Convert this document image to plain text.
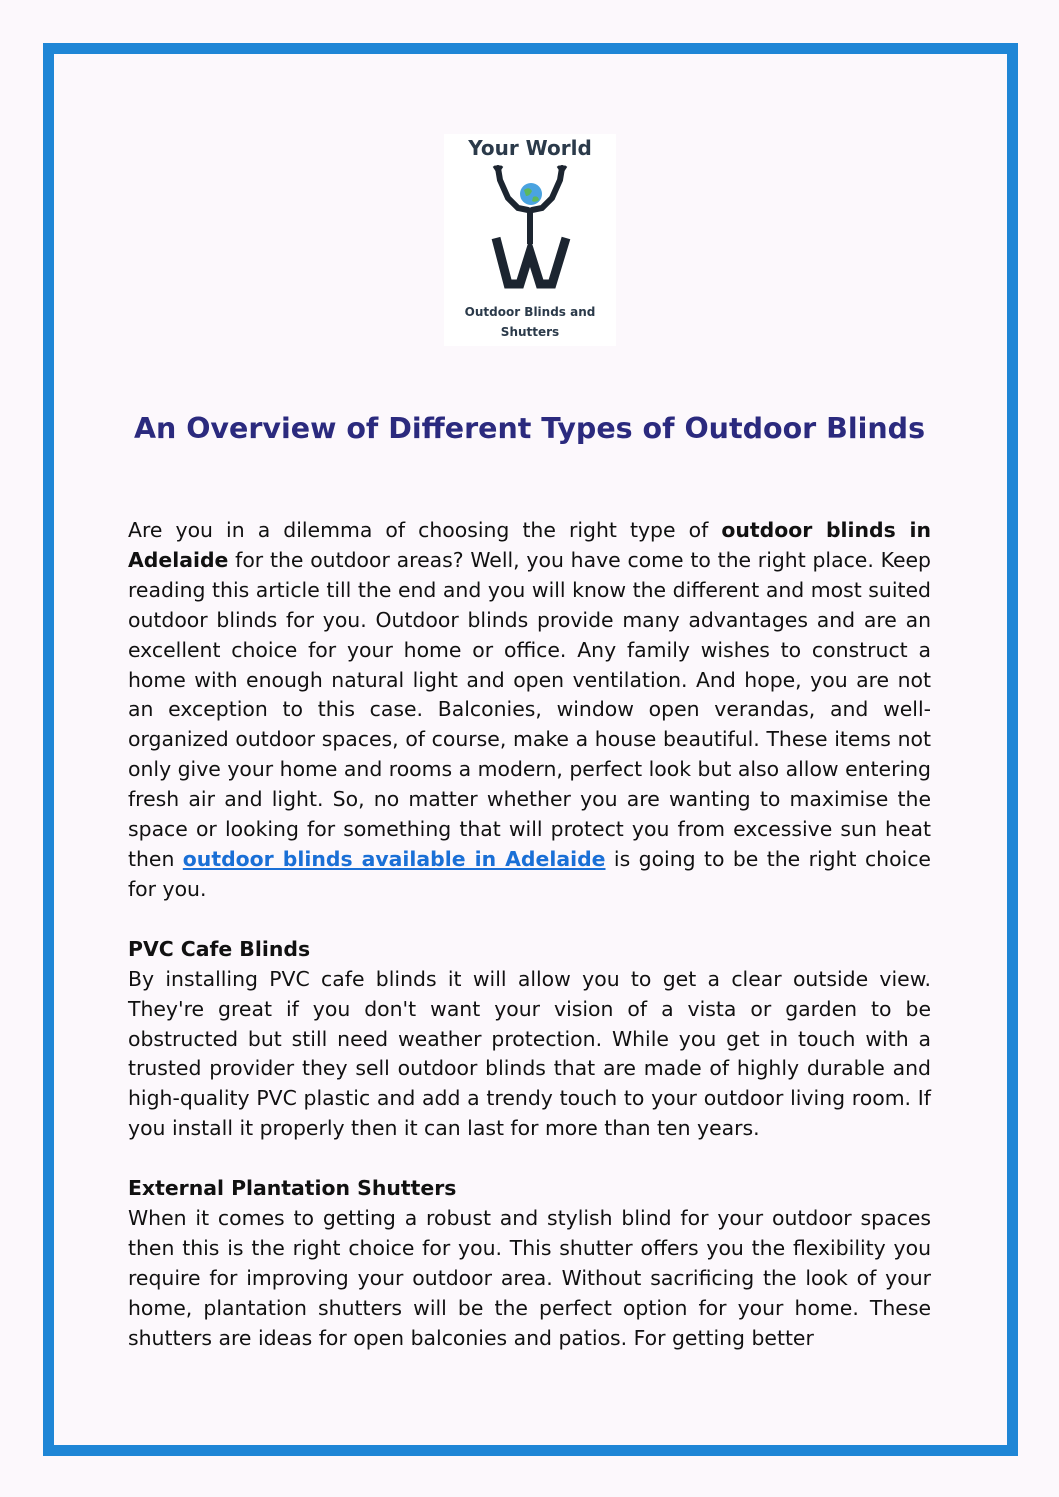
Your World
Outdoor Blinds and Shutters
An Overview of Different Types of Outdoor Blinds

Are you in a dilemma of choosing the right type of outdoor blinds in Adelaide for the outdoor areas? Well, you have come to the right place. Keep reading this article till the end and you will know the different and most suited outdoor blinds for you. Outdoor blinds provide many advantages and are an excellent choice for your home or office. Any family wishes to construct a home with enough natural light and open ventilation. And hope, you are not an exception to this case. Balconies, window open verandas, and well-organized outdoor spaces, of course, make a house beautiful. These items not only give your home and rooms a modern, perfect look but also allow entering fresh air and light. So, no matter whether you are wanting to maximise the space or looking for something that will protect you from excessive sun heat then outdoor blinds available in Adelaide is going to be the right choice for you.

PVC Cafe Blinds

By installing PVC cafe blinds it will allow you to get a clear outside view. They're great if you don't want your vision of a vista or garden to be obstructed but still need weather protection. While you get in touch with a trusted provider they sell outdoor blinds that are made of highly durable and high-quality PVC plastic and add a trendy touch to your outdoor living room. If you install it properly then it can last for more than ten years.

External Plantation Shutters

When it comes to getting a robust and stylish blind for your outdoor spaces then this is the right choice for you. This shutter offers you the flexibility you require for improving your outdoor area. Without sacrificing the look of your home, plantation shutters will be the perfect option for your home. These shutters are ideas for open balconies and patios. For getting better
